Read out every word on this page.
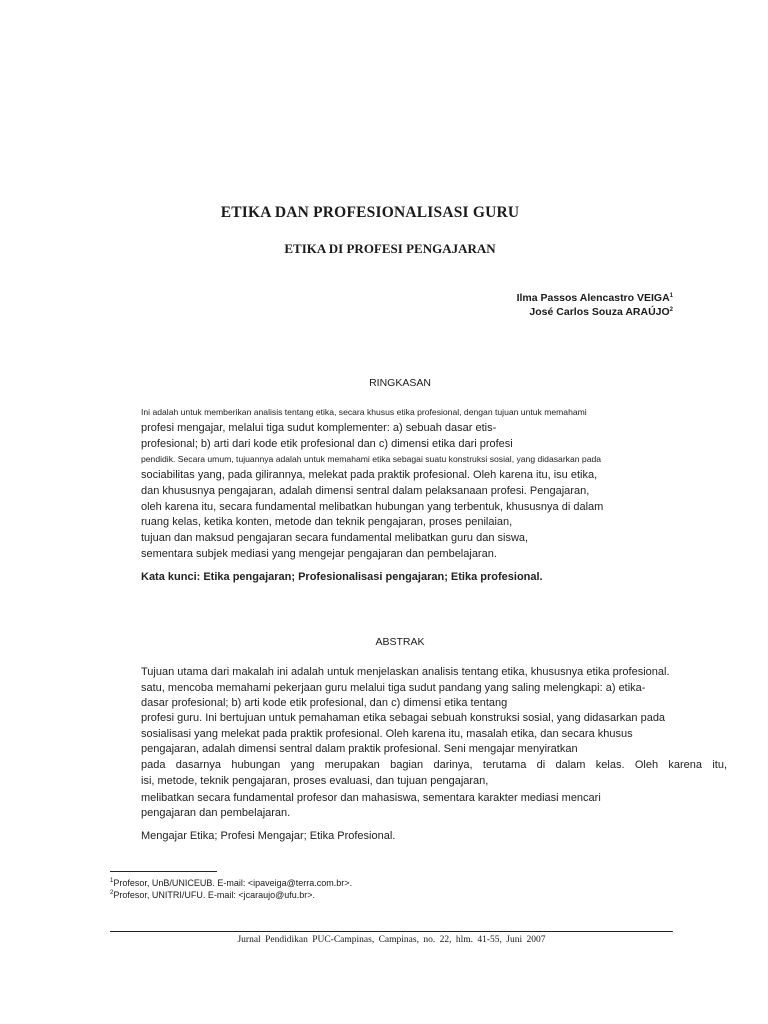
ETIKA DAN PROFESIONALISASI GURU
ETIKA DI PROFESI PENGAJARAN
Ilma Passos Alencastro VEIGA$^1$
José Carlos Souza ARAÚJO$^2$
RINGKASAN
Ini adalah untuk memberikan analisis tentang etika, secara khusus etika profesional, dengan tujuan untuk memahami
profesi mengajar, melalui tiga sudut komplementer: a) sebuah dasar etis-
profesional; b) arti dari kode etik profesional dan c) dimensi etika dari profesi
pendidik. Secara umum, tujuannya adalah untuk memahami etika sebagai suatu konstruksi sosial, yang didasarkan pada
sociabilitas yang, pada gilirannya, melekat pada praktik profesional. Oleh karena itu, isu etika,
dan khususnya pengajaran, adalah dimensi sentral dalam pelaksanaan profesi. Pengajaran,
oleh karena itu, secara fundamental melibatkan hubungan yang terbentuk, khususnya di dalam
ruang kelas, ketika konten, metode dan teknik pengajaran, proses penilaian,
tujuan dan maksud pengajaran secara fundamental melibatkan guru dan siswa,
sementara subjek mediasi yang mengejar pengajaran dan pembelajaran.
Kata kunci: Etika pengajaran; Profesionalisasi pengajaran; Etika profesional.
ABSTRAK
Tujuan utama dari makalah ini adalah untuk menjelaskan analisis tentang etika, khususnya etika profesional.
satu, mencoba memahami pekerjaan guru melalui tiga sudut pandang yang saling melengkapi: a) etika-
dasar profesional; b) arti kode etik profesional, dan c) dimensi etika tentang
profesi guru. Ini bertujuan untuk pemahaman etika sebagai sebuah konstruksi sosial, yang didasarkan pada
sosialisasi yang melekat pada praktik profesional. Oleh karena itu, masalah etika, dan secara khusus
pengajaran, adalah dimensi sentral dalam praktik profesional. Seni mengajar menyiratkan
pada dasarnya hubungan yang merupakan bagian darinya, terutama di dalam kelas. Oleh karena itu,
isi, metode, teknik pengajaran, proses evaluasi, dan tujuan pengajaran,
melibatkan secara fundamental profesor dan mahasiswa, sementara karakter mediasi mencari
pengajaran dan pembelajaran.
Mengajar Etika; Profesi Mengajar; Etika Profesional.
$^1$Profesor, UnB/UNICEUB. E-mail: <ipaveiga@terra.com.br>.
$^2$Profesor, UNITRI/UFU. E-mail: <jcaraujo@ufu.br>.
Jurnal Pendidikan PUC-Campinas, Campinas, no. 22, hlm. 41-55, Juni 2007
